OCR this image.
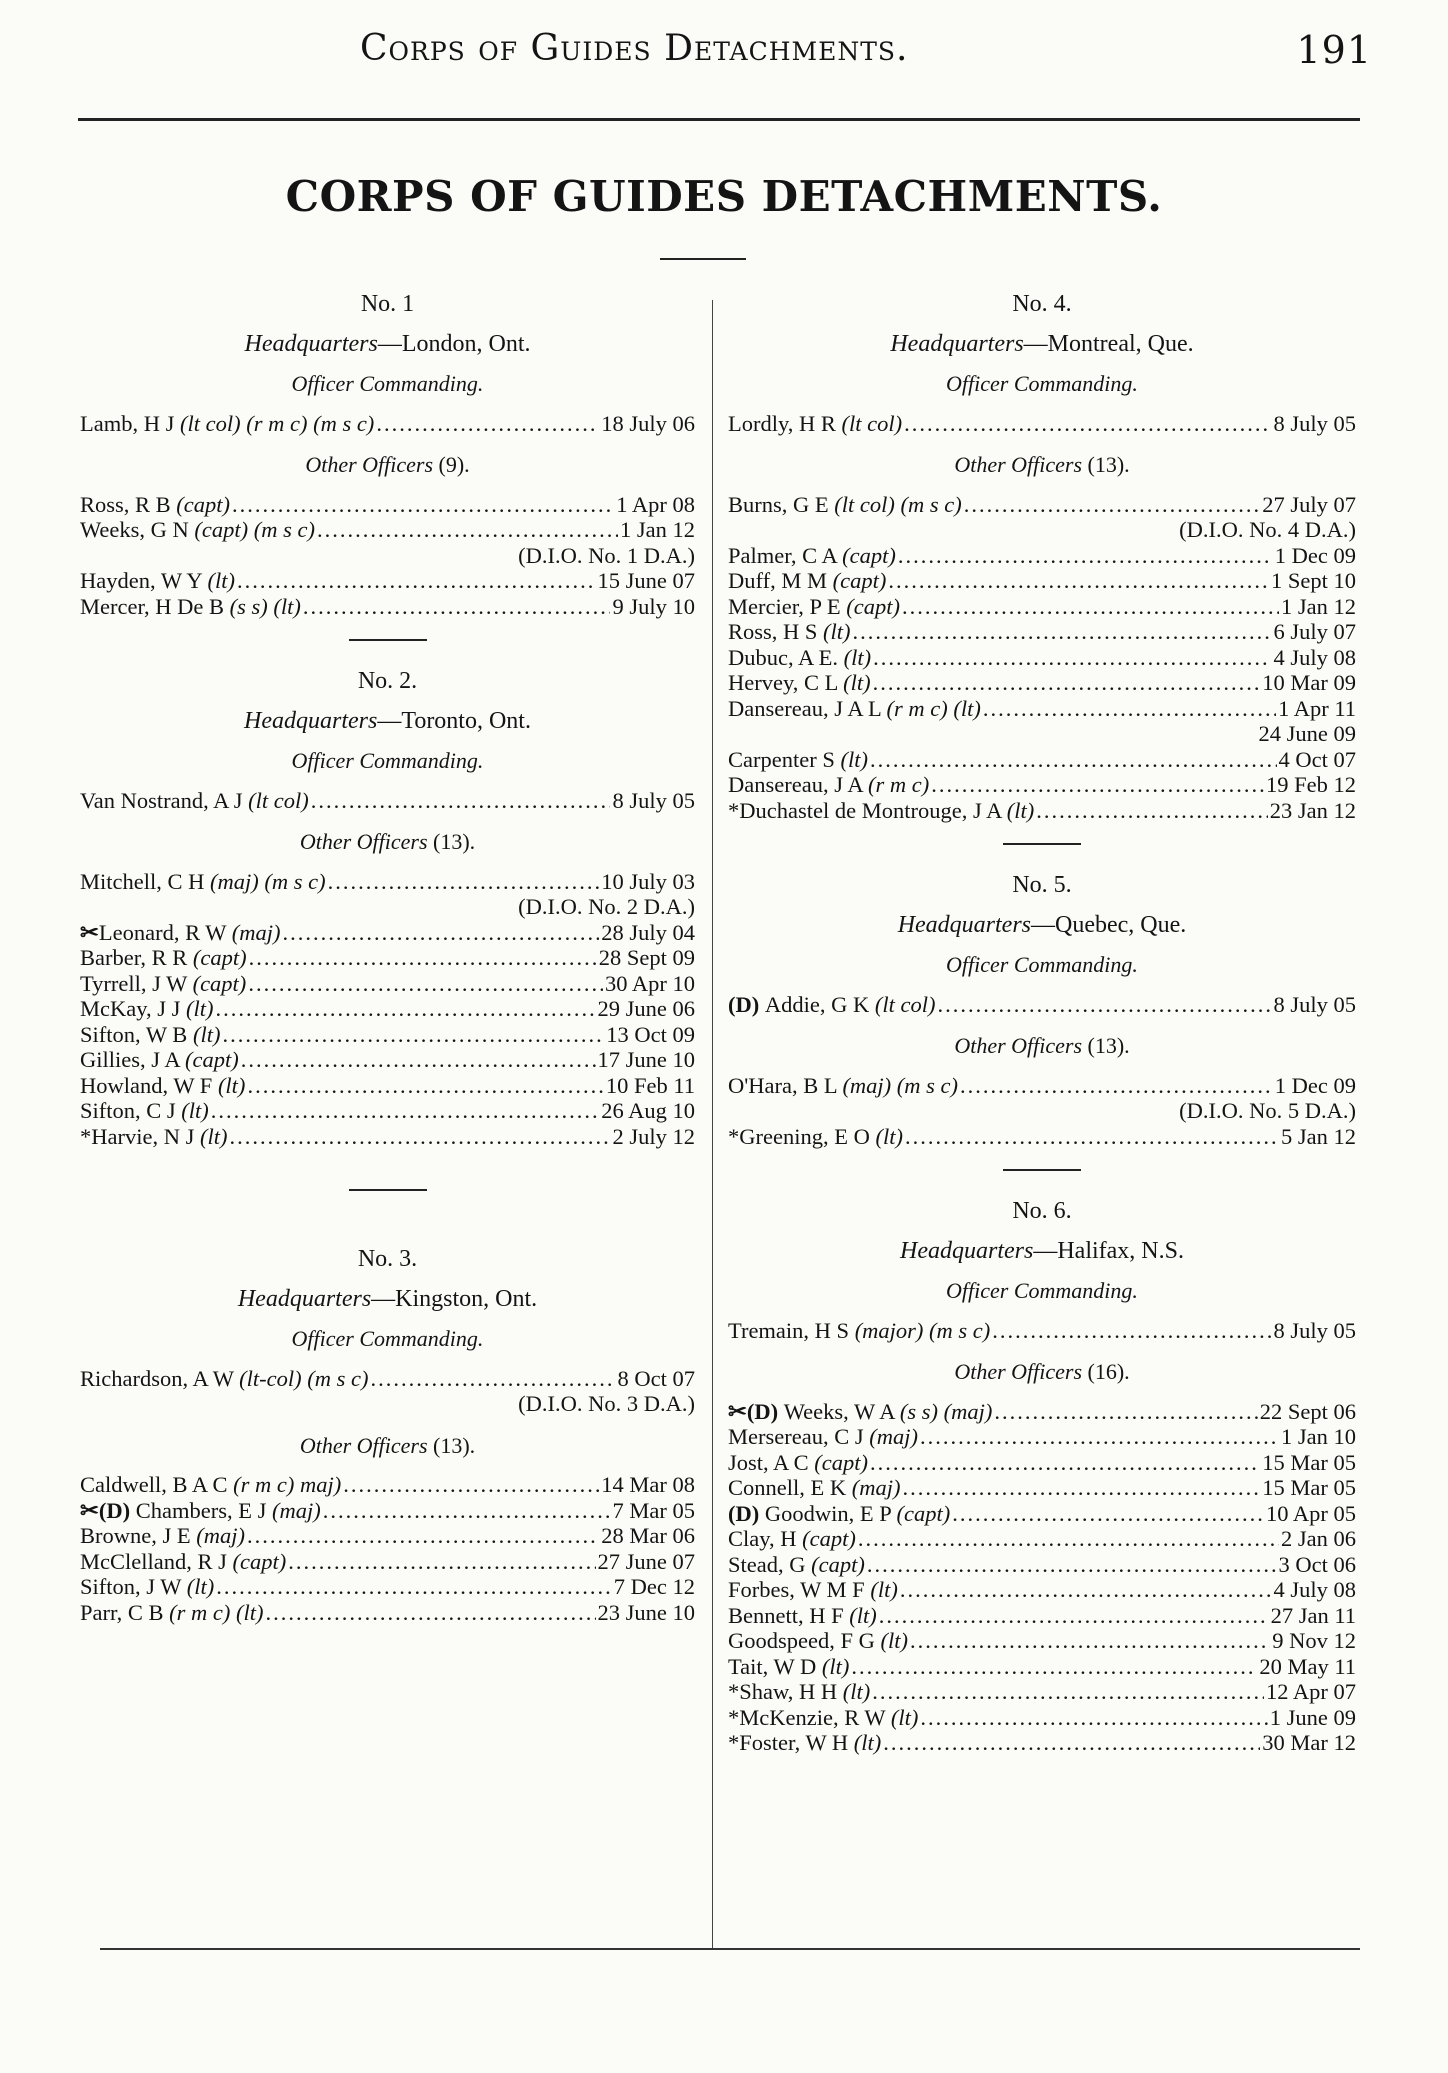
Corps of Guides Detachments.	191
CORPS OF GUIDES DETACHMENTS.
No. 1
Headquarters—London, Ont.
Officer Commanding.
Lamb, H J (lt col) (r m c) (m s c) .....	18 July 06
Other Officers (9).
Ross, R B (capt) .....	1 Apr 08
Weeks, G N (capt) (m s c) .....	1 Jan 12
(D.I.O. No. 1 D.A.)
Hayden, W Y (lt) .....	15 June 07
Mercer, H De B (s s) (lt) .....	9 July 10
No. 2.
Headquarters—Toronto, Ont.
Officer Commanding.
Van Nostrand, A J (lt col) .....	8 July 05
Other Officers (13).
Mitchell, C H (maj) (m s c) .....	10 July 03
(D.I.O. No. 2 D.A.)
✂Leonard, R W (maj) .....	28 July 04
Barber, R R (capt) .....	28 Sept 09
Tyrrell, J W (capt) .....	30 Apr 10
McKay, J J (lt) .....	29 June 06
Sifton, W B (lt) .....	13 Oct 09
Gillies, J A (capt) .....	17 June 10
Howland, W F (lt) .....	10 Feb 11
Sifton, C J (lt) .....	26 Aug 10
*Harvie, N J (lt) .....	2 July 12
No. 3.
Headquarters—Kingston, Ont.
Officer Commanding.
Richardson, A W (lt-col) (m s c) .....	8 Oct 07
(D.I.O. No. 3 D.A.)
Other Officers (13).
Caldwell, B A C (r m c) maj) .....	14 Mar 08
✂(D) Chambers, E J (maj) .....	7 Mar 05
Browne, J E (maj) .....	28 Mar 06
McClelland, R J (capt) .....	27 June 07
Sifton, J W (lt) .....	7 Dec 12
Parr, C B (r m c) (lt) .....	23 June 10
No. 4.
Headquarters—Montreal, Que.
Officer Commanding.
Lordly, H R (lt col) .....	8 July 05
Other Officers (13).
Burns, G E (lt col) (m s c) .....	27 July 07
(D.I.O. No. 4 D.A.)
Palmer, C A (capt) .....	1 Dec 09
Duff, M M (capt) .....	1 Sept 10
Mercier, P E (capt) .....	1 Jan 12
Ross, H S (lt) .....	6 July 07
Dubuc, A E. (lt) .....	4 July 08
Hervey, C L (lt) .....	10 Mar 09
Dansereau, J A L (r m c) (lt) .....	1 Apr 11
24 June 09
Carpenter S (lt) .....	4 Oct 07
Dansereau, J A (r m c) .....	19 Feb 12
*Duchastel de Montrouge, J A (lt) .....	23 Jan 12
No. 5.
Headquarters—Quebec, Que.
Officer Commanding.
(D) Addie, G K (lt col) .....	8 July 05
Other Officers (13).
O'Hara, B L (maj) (m s c) .....	1 Dec 09
(D.I.O. No. 5 D.A.)
*Greening, E O (lt) .....	5 Jan 12
No. 6.
Headquarters—Halifax, N.S.
Officer Commanding.
Tremain, H S (major) (m s c) .....	8 July 05
Other Officers (16).
✂(D) Weeks, W A (s s) (maj) .....	22 Sept 06
Mersereau, C J (maj) .....	1 Jan 10
Jost, A C (capt) .....	15 Mar 05
Connell, E K (maj) .....	15 Mar 05
(D) Goodwin, E P (capt) .....	10 Apr 05
Clay, H (capt) .....	2 Jan 06
Stead, G (capt) .....	3 Oct 06
Forbes, W M F (lt) .....	4 July 08
Bennett, H F (lt) .....	27 Jan 11
Goodspeed, F G (lt) .....	9 Nov 12
Tait, W D (lt) .....	20 May 11
*Shaw, H H (lt) .....	12 Apr 07
*McKenzie, R W (lt) .....	1 June 09
*Foster, W H (lt) .....	30 Mar 12
